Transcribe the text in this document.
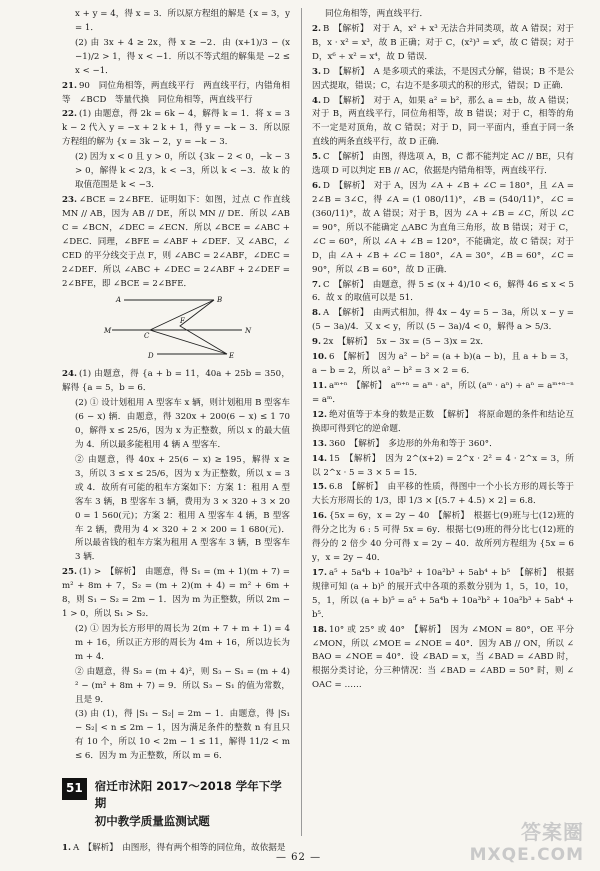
x + y = 4，得 x = 3．所以原方程组的解是 {x = 3，y = 1．
(2) 由 3x + 4 ≥ 2x，得 x ≥ −2．由 (x+1)/3 − (x−1)/2 > 1，得 x < −1．所以不等式组的解集是 −2 ≤ x < −1．
21. 90　同位角相等，两直线平行　两直线平行，内错角相等　∠BCD　等量代换　同位角相等，两直线平行
22. (1) 由题意，得 2k = 6k − 4，解得 k = 1．将 x = 3k − 2 代入 y = −x + 2 k + 1，得 y = −k − 3．所以原方程组的解为 {x = 3k − 2，y = −k − 3．
(2) 因为 x < 0 且 y > 0，所以 {3k − 2 < 0，−k − 3 > 0，解得 k < 2/3，k < −3，所以 k < −3．故 k 的取值范围是 k < −3．
23. ∠BCE = 2∠BFE．证明如下：如图，过点 C 作直线 MN // AB，因为 AB // DE，所以 MN // DE．所以 ∠ABC = ∠BCN，∠DEC = ∠ECN．所以 ∠BCE = ∠ABC + ∠DEC．同理，∠BFE = ∠ABF + ∠DEF．又 ∠ABC，∠CED 的平分线交于点 F，则 ∠ABC = 2∠ABF，∠DEC = 2∠DEF．所以 ∠ABC + ∠DEC = 2∠ABF + 2∠DEF = 2∠BFE，即 ∠BCE = 2∠BFE．
A	B
M
C
F
N
D	E
24. (1) 由题意，得 {a + b = 11，40a + 25b = 350，解得 {a = 5，b = 6．
(2) ① 设计划租用 A 型客车 x 辆，则计划租用 B 型客车 (6 − x) 辆．由题意，得 320x + 200(6 − x) ≤ 1 700，解得 x ≤ 25/6，因为 x 为正整数，所以 x 的最大值为 4．所以最多能租用 4 辆 A 型客车．
② 由题意，得 40x + 25(6 − x) ≥ 195，解得 x ≥ 3，所以 3 ≤ x ≤ 25/6，因为 x 为正整数，所以 x = 3 或 4．故所有可能的租车方案如下：方案 1：租用 A 型客车 3 辆，B 型客车 3 辆，费用为 3 × 320 + 3 × 200 = 1 560(元)；方案 2：租用 A 型客车 4 辆，B 型客车 2 辆，费用为 4 × 320 + 2 × 200 = 1 680(元)．所以最省钱的租车方案为租用 A 型客车 3 辆，B 型客车 3 辆．
25. (1) >　【解析】　由题意，得 S₁ = (m + 1)(m + 7) = m² + 8m + 7，S₂ = (m + 2)(m + 4) = m² + 6m + 8，则 S₁ − S₂ = 2m − 1．因为 m 为正整数，所以 2m − 1 > 0，所以 S₁ > S₂．
(2) ① 因为长方形甲的周长为 2(m + 7 + m + 1) = 4m + 16，所以正方形的周长为 4m + 16，所以边长为 m + 4．
② 由题意，得 S₃ = (m + 4)²，则 S₃ − S₁ = (m + 4)² − (m² + 8m + 7) = 9．所以 S₃ − S₁ 的值为常数，且是 9．
(3) 由 (1)，得 |S₁ − S₂| = 2m − 1．由题意，得 |S₁ − S₂| < n ≤ 2m − 1，因为满足条件的整数 n 有且只有 10 个，所以 10 < 2m − 1 ≤ 11，解得 11/2 < m ≤ 6．因为 m 为正整数，所以 m = 6．
51	宿迁市沭阳 2017～2018 学年下学期
初中教学质量监测试题
1. A　【解析】　由图形，得有两个相等的同位角，故依据是
同位角相等，两直线平行．
2. B　【解析】　对于 A，x² + x³ 无法合并同类项，故 A 错误；对于 B，x · x² = x³，故 B 正确；对于 C，(x²)³ = x⁶，故 C 错误；对于 D，x⁶ ÷ x² = x⁴，故 D 错误．
3. D　【解析】　A 是多项式的乘法，不是因式分解，错误；B 不是公因式提取，错误；C，右边不是多项式的积的形式，错误；D 正确．
4. D　【解析】　对于 A，如果 a² = b²，那么 a = ±b，故 A 错误；对于 B，两直线平行，同位角相等，故 B 错误；对于 C，相等的角不一定是对顶角，故 C 错误；对于 D，同一平面内，垂直于同一条直线的两条直线平行，故 D 正确．
5. C　【解析】　由图，得选项 A，B，C 都不能判定 AC // BE，只有选项 D 可以判定 EB // AC，依据是内错角相等，两直线平行．
6. D　【解析】　对于 A，因为 ∠A + ∠B + ∠C = 180°，且 ∠A = 2∠B = 3∠C，得 ∠A = (1 080/11)°，∠B = (540/11)°，∠C = (360/11)°，故 A 错误；对于 B，因为 ∠A + ∠B = ∠C，所以 ∠C = 90°，所以不能确定 △ABC 为直角三角形，故 B 错误；对于 C，∠C = 60°，所以 ∠A + ∠B = 120°，不能确定，故 C 错误；对于 D，由 ∠A + ∠B + ∠C = 180°，∠A = 30°，∠B = 60°，∠C = 90°，所以 ∠B = 60°，故 D 正确．
7. C　【解析】　由题意，得 5 ≤ (x + 4)/10 < 6，解得 46 ≤ x < 56．故 x 的取值可以是 51．
8. A　【解析】　由两式相加，得 4x − 4y = 5 − 3a，所以 x − y = (5 − 3a)/4．又 x < y，所以 (5 − 3a)/4 < 0，解得 a > 5/3．
9. 2x　【解析】　5x − 3x = (5 − 3)x = 2x．
10. 6　【解析】　因为 a² − b² = (a + b)(a − b)，且 a + b = 3，a − b = 2，所以 a² − b² = 3 × 2 = 6．
11. aᵐ⁺ⁿ　【解析】　aᵐ⁺ⁿ = aᵐ · aⁿ，所以 (aᵐ · aⁿ) ÷ aⁿ = aᵐ⁺ⁿ⁻ⁿ = aᵐ．
12. 绝对值等于本身的数是正数　【解析】　将原命题的条件和结论互换即可得到它的逆命题．
13. 360　【解析】　多边形的外角和等于 360°．
14. 15　【解析】　因为 2^(x+2) = 2^x · 2² = 4 · 2^x = 3，所以 2^x · 5 = 3 × 5 = 15．
15. 6.8　【解析】　由平移的性质，得图中一个小长方形的周长等于大长方形周长的 1/3，即 1/3 × [(5.7 + 4.5) × 2] = 6.8．
16. {5x = 6y，x = 2y − 40　【解析】　根据七(9)班与七(12)班的得分之比为 6 : 5 可得 5x = 6y．根据七(9)班的得分比七(12)班的得分的 2 倍少 40 分可得 x = 2y − 40．故所列方程组为 {5x = 6y，x = 2y − 40．
17. a⁵ + 5a⁴b + 10a³b² + 10a²b³ + 5ab⁴ + b⁵　【解析】　根据规律可知 (a + b)⁵ 的展开式中各项的系数分别为 1，5，10，10，5，1，所以 (a + b)⁵ = a⁵ + 5a⁴b + 10a³b² + 10a²b³ + 5ab⁴ + b⁵．
18. 10° 或 25° 或 40°　【解析】　因为 ∠MON = 80°，OE 平分 ∠MON，所以 ∠MOE = ∠NOE = 40°．因为 AB // ON，所以 ∠BAO = ∠NOE = 40°．设 ∠BAD = x，当 ∠BAD = ∠ABD 时，根据分类讨论，分三种情况：当 ∠BAD = ∠ABD = 50° 时，则 ∠OAC = ……
— 62 —
答案圈
MXQE.COM
